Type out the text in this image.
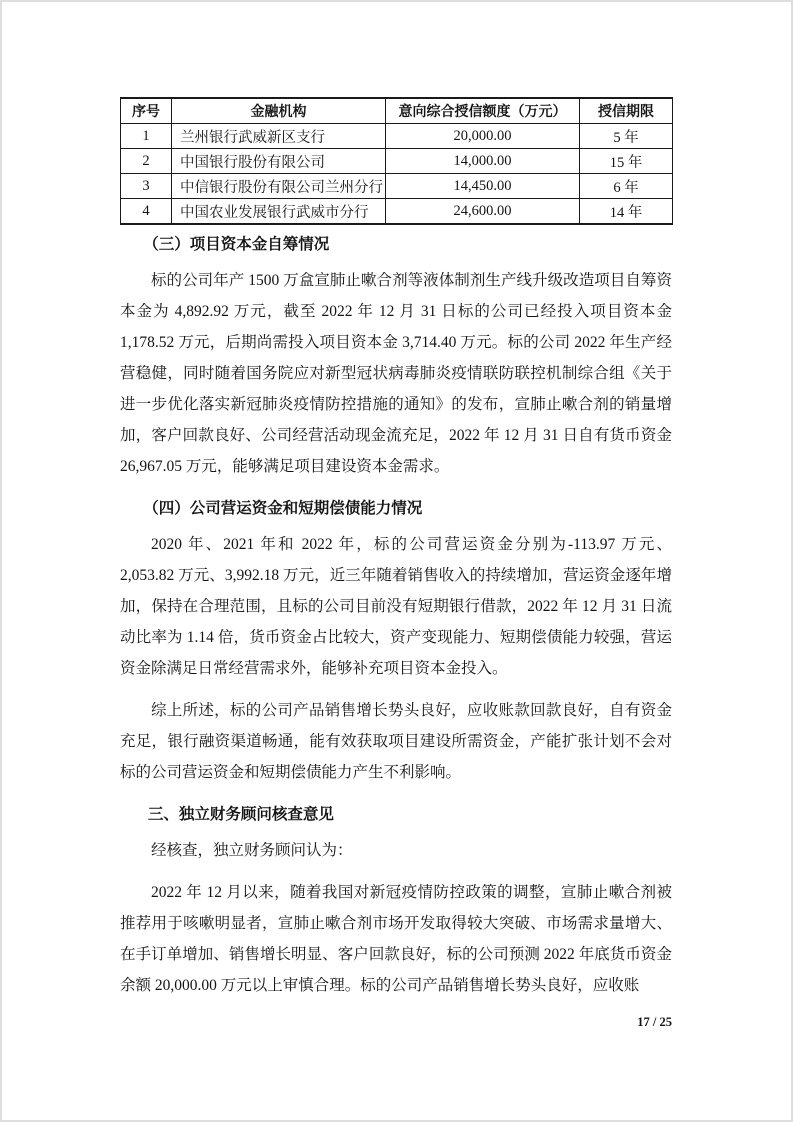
序号	金融机构	意向综合授信额度（万元）	授信期限
1	兰州银行武威新区支行	20,000.00	5 年
2	中国银行股份有限公司	14,000.00	15 年
3	中信银行股份有限公司兰州分行	14,450.00	6 年
4	中国农业发展银行武威市分行	24,600.00	14 年
（三）项目资本金自筹情况

标的公司年产 1500 万盒宣肺止嗽合剂等液体制剂生产线升级改造项目自筹资本金为 4,892.92 万元，截至 2022 年 12 月 31 日标的公司已经投入项目资本金 1,178.52 万元，后期尚需投入项目资本金 3,714.40 万元。标的公司 2022 年生产经营稳健，同时随着国务院应对新型冠状病毒肺炎疫情联防联控机制综合组《关于进一步优化落实新冠肺炎疫情防控措施的通知》的发布，宣肺止嗽合剂的销量增加，客户回款良好、公司经营活动现金流充足，2022 年 12 月 31 日自有货币资金 26,967.05 万元，能够满足项目建设资本金需求。

（四）公司营运资金和短期偿债能力情况

2020 年、2021 年和 2022 年，标的公司营运资金分别为-113.97 万元、2,053.82 万元、3,992.18 万元，近三年随着销售收入的持续增加，营运资金逐年增加，保持在合理范围，且标的公司目前没有短期银行借款，2022 年 12 月 31 日流动比率为 1.14 倍，货币资金占比较大，资产变现能力、短期偿债能力较强，营运资金除满足日常经营需求外，能够补充项目资本金投入。

综上所述，标的公司产品销售增长势头良好，应收账款回款良好，自有资金充足，银行融资渠道畅通，能有效获取项目建设所需资金，产能扩张计划不会对标的公司营运资金和短期偿债能力产生不利影响。

三、独立财务顾问核查意见

经核查，独立财务顾问认为：

2022 年 12 月以来，随着我国对新冠疫情防控政策的调整，宣肺止嗽合剂被推荐用于咳嗽明显者，宣肺止嗽合剂市场开发取得较大突破、市场需求量增大、在手订单增加、销售增长明显、客户回款良好，标的公司预测 2022 年底货币资金余额 20,000.00 万元以上审慎合理。标的公司产品销售增长势头良好，应收账

17 / 25
